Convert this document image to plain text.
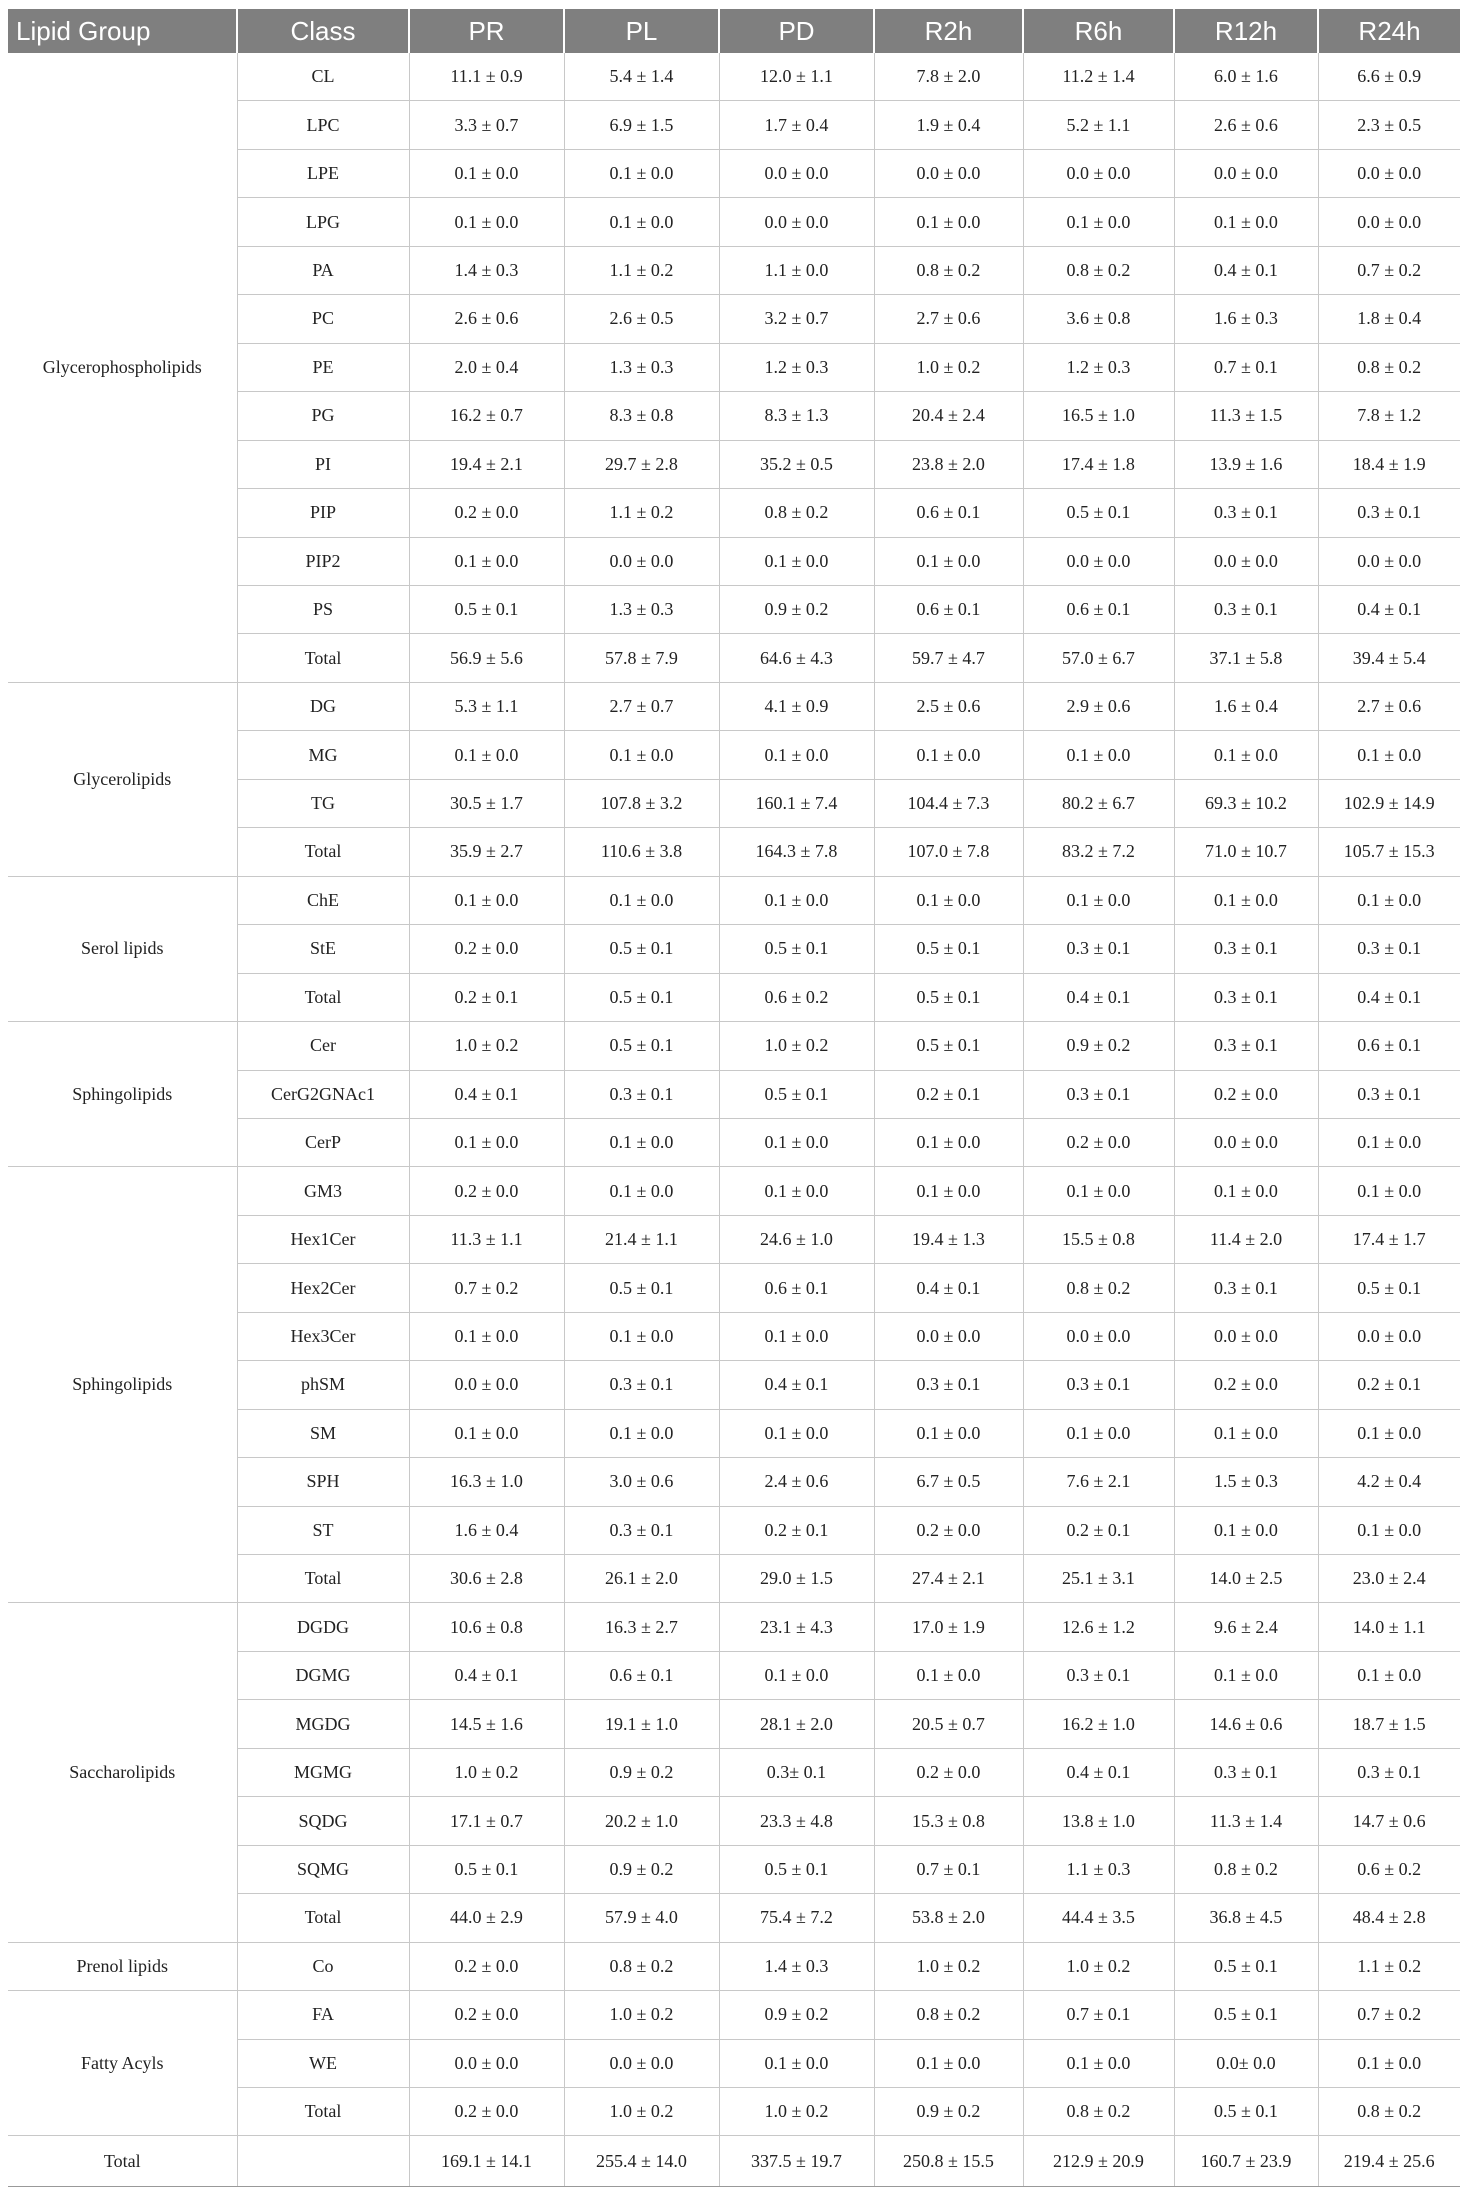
Lipid Group	Class	PR	PL	PD	R2h	R6h	R12h	R24h
Glycerophospholipids	CL	11.1 ± 0.9	5.4 ± 1.4	12.0 ± 1.1	7.8 ± 2.0	11.2 ± 1.4	6.0 ± 1.6	6.6 ± 0.9
	LPC	3.3 ± 0.7	6.9 ± 1.5	1.7 ± 0.4	1.9 ± 0.4	5.2 ± 1.1	2.6 ± 0.6	2.3 ± 0.5
	LPE	0.1 ± 0.0	0.1 ± 0.0	0.0 ± 0.0	0.0 ± 0.0	0.0 ± 0.0	0.0 ± 0.0	0.0 ± 0.0
	LPG	0.1 ± 0.0	0.1 ± 0.0	0.0 ± 0.0	0.1 ± 0.0	0.1 ± 0.0	0.1 ± 0.0	0.0 ± 0.0
	PA	1.4 ± 0.3	1.1 ± 0.2	1.1 ± 0.0	0.8 ± 0.2	0.8 ± 0.2	0.4 ± 0.1	0.7 ± 0.2
	PC	2.6 ± 0.6	2.6 ± 0.5	3.2 ± 0.7	2.7 ± 0.6	3.6 ± 0.8	1.6 ± 0.3	1.8 ± 0.4
	PE	2.0 ± 0.4	1.3 ± 0.3	1.2 ± 0.3	1.0 ± 0.2	1.2 ± 0.3	0.7 ± 0.1	0.8 ± 0.2
	PG	16.2 ± 0.7	8.3 ± 0.8	8.3 ± 1.3	20.4 ± 2.4	16.5 ± 1.0	11.3 ± 1.5	7.8 ± 1.2
	PI	19.4 ± 2.1	29.7 ± 2.8	35.2 ± 0.5	23.8 ± 2.0	17.4 ± 1.8	13.9 ± 1.6	18.4 ± 1.9
	PIP	0.2 ± 0.0	1.1 ± 0.2	0.8 ± 0.2	0.6 ± 0.1	0.5 ± 0.1	0.3 ± 0.1	0.3 ± 0.1
	PIP2	0.1 ± 0.0	0.0 ± 0.0	0.1 ± 0.0	0.1 ± 0.0	0.0 ± 0.0	0.0 ± 0.0	0.0 ± 0.0
	PS	0.5 ± 0.1	1.3 ± 0.3	0.9 ± 0.2	0.6 ± 0.1	0.6 ± 0.1	0.3 ± 0.1	0.4 ± 0.1
	Total	56.9 ± 5.6	57.8 ± 7.9	64.6 ± 4.3	59.7 ± 4.7	57.0 ± 6.7	37.1 ± 5.8	39.4 ± 5.4
Glycerolipids	DG	5.3 ± 1.1	2.7 ± 0.7	4.1 ± 0.9	2.5 ± 0.6	2.9 ± 0.6	1.6 ± 0.4	2.7 ± 0.6
	MG	0.1 ± 0.0	0.1 ± 0.0	0.1 ± 0.0	0.1 ± 0.0	0.1 ± 0.0	0.1 ± 0.0	0.1 ± 0.0
	TG	30.5 ± 1.7	107.8 ± 3.2	160.1 ± 7.4	104.4 ± 7.3	80.2 ± 6.7	69.3 ± 10.2	102.9 ± 14.9
	Total	35.9 ± 2.7	110.6 ± 3.8	164.3 ± 7.8	107.0 ± 7.8	83.2 ± 7.2	71.0 ± 10.7	105.7 ± 15.3
Serol lipids	ChE	0.1 ± 0.0	0.1 ± 0.0	0.1 ± 0.0	0.1 ± 0.0	0.1 ± 0.0	0.1 ± 0.0	0.1 ± 0.0
	StE	0.2 ± 0.0	0.5 ± 0.1	0.5 ± 0.1	0.5 ± 0.1	0.3 ± 0.1	0.3 ± 0.1	0.3 ± 0.1
	Total	0.2 ± 0.1	0.5 ± 0.1	0.6 ± 0.2	0.5 ± 0.1	0.4 ± 0.1	0.3 ± 0.1	0.4 ± 0.1
Sphingolipids	Cer	1.0 ± 0.2	0.5 ± 0.1	1.0 ± 0.2	0.5 ± 0.1	0.9 ± 0.2	0.3 ± 0.1	0.6 ± 0.1
	CerG2GNAc1	0.4 ± 0.1	0.3 ± 0.1	0.5 ± 0.1	0.2 ± 0.1	0.3 ± 0.1	0.2 ± 0.0	0.3 ± 0.1
	CerP	0.1 ± 0.0	0.1 ± 0.0	0.1 ± 0.0	0.1 ± 0.0	0.2 ± 0.0	0.0 ± 0.0	0.1 ± 0.0
Sphingolipids	GM3	0.2 ± 0.0	0.1 ± 0.0	0.1 ± 0.0	0.1 ± 0.0	0.1 ± 0.0	0.1 ± 0.0	0.1 ± 0.0
	Hex1Cer	11.3 ± 1.1	21.4 ± 1.1	24.6 ± 1.0	19.4 ± 1.3	15.5 ± 0.8	11.4 ± 2.0	17.4 ± 1.7
	Hex2Cer	0.7 ± 0.2	0.5 ± 0.1	0.6 ± 0.1	0.4 ± 0.1	0.8 ± 0.2	0.3 ± 0.1	0.5 ± 0.1
	Hex3Cer	0.1 ± 0.0	0.1 ± 0.0	0.1 ± 0.0	0.0 ± 0.0	0.0 ± 0.0	0.0 ± 0.0	0.0 ± 0.0
	phSM	0.0 ± 0.0	0.3 ± 0.1	0.4 ± 0.1	0.3 ± 0.1	0.3 ± 0.1	0.2 ± 0.0	0.2 ± 0.1
	SM	0.1 ± 0.0	0.1 ± 0.0	0.1 ± 0.0	0.1 ± 0.0	0.1 ± 0.0	0.1 ± 0.0	0.1 ± 0.0
	SPH	16.3 ± 1.0	3.0 ± 0.6	2.4 ± 0.6	6.7 ± 0.5	7.6 ± 2.1	1.5 ± 0.3	4.2 ± 0.4
	ST	1.6 ± 0.4	0.3 ± 0.1	0.2 ± 0.1	0.2 ± 0.0	0.2 ± 0.1	0.1 ± 0.0	0.1 ± 0.0
	Total	30.6 ± 2.8	26.1 ± 2.0	29.0 ± 1.5	27.4 ± 2.1	25.1 ± 3.1	14.0 ± 2.5	23.0 ± 2.4
Saccharolipids	DGDG	10.6 ± 0.8	16.3 ± 2.7	23.1 ± 4.3	17.0 ± 1.9	12.6 ± 1.2	9.6 ± 2.4	14.0 ± 1.1
	DGMG	0.4 ± 0.1	0.6 ± 0.1	0.1 ± 0.0	0.1 ± 0.0	0.3 ± 0.1	0.1 ± 0.0	0.1 ± 0.0
	MGDG	14.5 ± 1.6	19.1 ± 1.0	28.1 ± 2.0	20.5 ± 0.7	16.2 ± 1.0	14.6 ± 0.6	18.7 ± 1.5
	MGMG	1.0 ± 0.2	0.9 ± 0.2	0.3± 0.1	0.2 ± 0.0	0.4 ± 0.1	0.3 ± 0.1	0.3 ± 0.1
	SQDG	17.1 ± 0.7	20.2 ± 1.0	23.3 ± 4.8	15.3 ± 0.8	13.8 ± 1.0	11.3 ± 1.4	14.7 ± 0.6
	SQMG	0.5 ± 0.1	0.9 ± 0.2	0.5 ± 0.1	0.7 ± 0.1	1.1 ± 0.3	0.8 ± 0.2	0.6 ± 0.2
	Total	44.0 ± 2.9	57.9 ± 4.0	75.4 ± 7.2	53.8 ± 2.0	44.4 ± 3.5	36.8 ± 4.5	48.4 ± 2.8
Prenol lipids	Co	0.2 ± 0.0	0.8 ± 0.2	1.4 ± 0.3	1.0 ± 0.2	1.0 ± 0.2	0.5 ± 0.1	1.1 ± 0.2
Fatty Acyls	FA	0.2 ± 0.0	1.0 ± 0.2	0.9 ± 0.2	0.8 ± 0.2	0.7 ± 0.1	0.5 ± 0.1	0.7 ± 0.2
	WE	0.0 ± 0.0	0.0 ± 0.0	0.1 ± 0.0	0.1 ± 0.0	0.1 ± 0.0	0.0± 0.0	0.1 ± 0.0
	Total	0.2 ± 0.0	1.0 ± 0.2	1.0 ± 0.2	0.9 ± 0.2	0.8 ± 0.2	0.5 ± 0.1	0.8 ± 0.2
Total		169.1 ± 14.1	255.4 ± 14.0	337.5 ± 19.7	250.8 ± 15.5	212.9 ± 20.9	160.7 ± 23.9	219.4 ± 25.6
